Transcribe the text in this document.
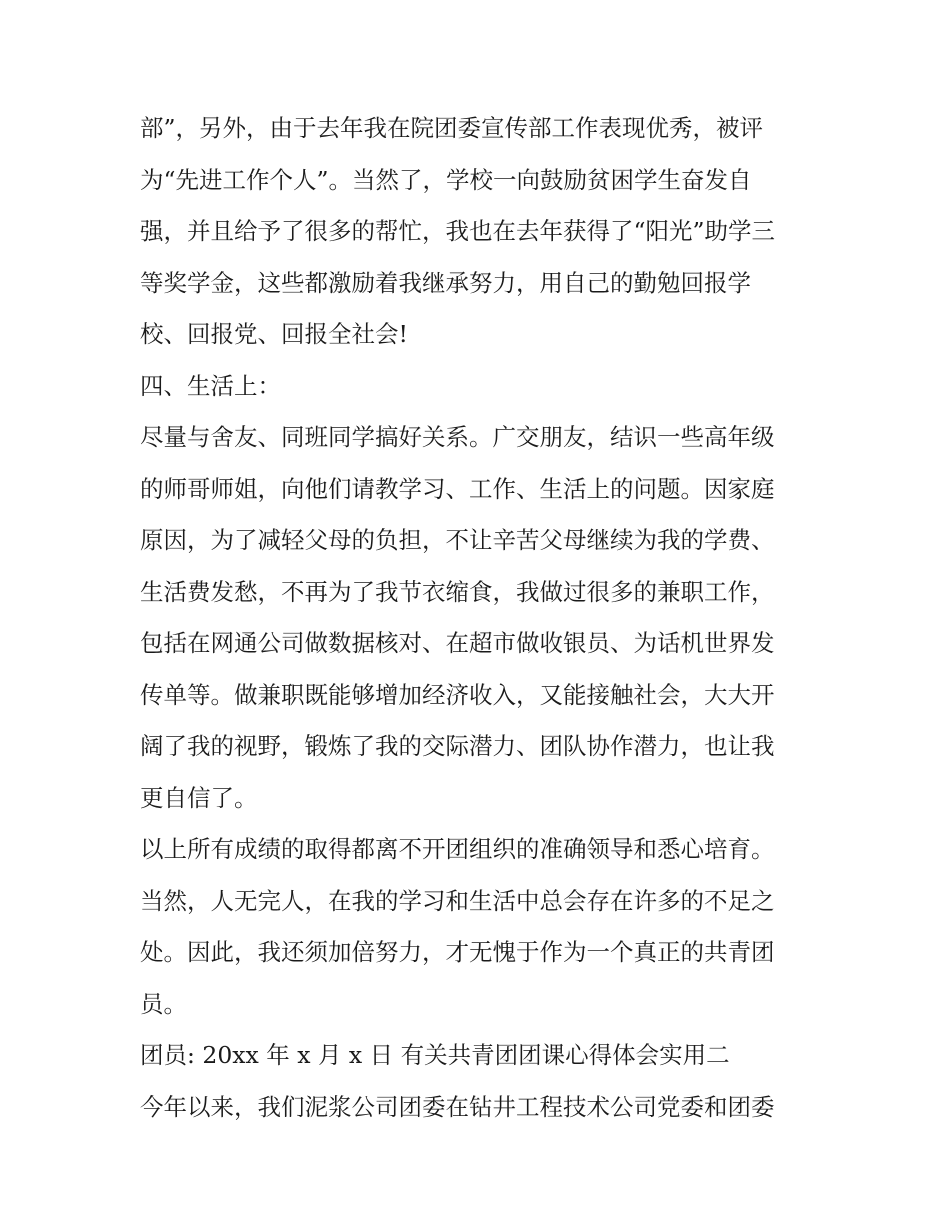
部”，另外，由于去年我在院团委宣传部工作表现优秀，被评
为“先进工作个人”。当然了，学校一向鼓励贫困学生奋发自
强，并且给予了很多的帮忙，我也在去年获得了“阳光”助学三
等奖学金，这些都激励着我继承努力，用自己的勤勉回报学
校、回报党、回报全社会!
四、生活上：
尽量与舍友、同班同学搞好关系。广交朋友，结识一些高年级
的师哥师姐，向他们请教学习、工作、生活上的问题。因家庭
原因，为了减轻父母的负担，不让辛苦父母继续为我的学费、
生活费发愁，不再为了我节衣缩食，我做过很多的兼职工作，
包括在网通公司做数据核对、在超市做收银员、为话机世界发
传单等。做兼职既能够增加经济收入，又能接触社会，大大开
阔了我的视野，锻炼了我的交际潜力、团队协作潜力，也让我
更自信了。
以上所有成绩的取得都离不开团组织的准确领导和悉心培育。
当然，人无完人，在我的学习和生活中总会存在许多的不足之
处。因此，我还须加倍努力，才无愧于作为一个真正的共青团
员。
团员: 20xx 年 x 月 x 日 有关共青团团课心得体会实用二
今年以来，我们泥浆公司团委在钻井工程技术公司党委和团委
